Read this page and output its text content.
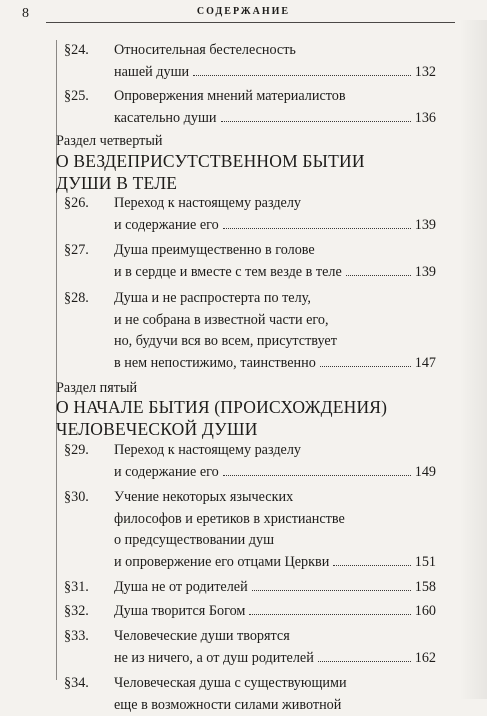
8	СОДЕРЖАНИЕ
§24. Относительная бестелесность
нашей души	132
§25. Опровержения мнений материалистов
касательно души	136
Раздел четвертый
О ВЕЗДЕПРИСУТСТВЕННОМ БЫТИИ
ДУШИ В ТЕЛЕ
§26. Переход к настоящему разделу
и содержание его	139
§27. Душа преимущественно в голове
и в сердце и вместе с тем везде в теле	139
§28. Душа и не распростерта по телу,
и не собрана в известной части его,
но, будучи вся во всем, присутствует
в нем непостижимо, таинственно	147
Раздел пятый
О НАЧАЛЕ БЫТИЯ (ПРОИСХОЖДЕНИЯ)
ЧЕЛОВЕЧЕСКОЙ ДУШИ
§29. Переход к настоящему разделу
и содержание его	149
§30. Учение некоторых языческих
философов и еретиков в христианстве
о предсуществовании душ
и опровержение его отцами Церкви	151
§31. Душа не от родителей	158
§32. Душа творится Богом	160
§33. Человеческие души творятся
не из ничего, а от душ родителей	162
§34. Человеческая душа с существующими
еще в возможности силами животной
